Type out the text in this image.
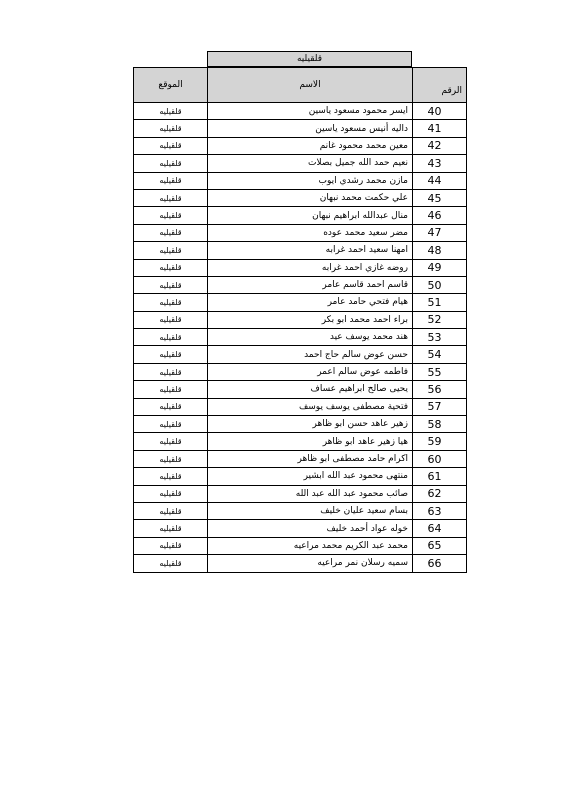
قلقيليه
الرقم	الاسم	الموقع
40	ايسر محمود مسعود ياسين	قلقيليه
41	داليه أنيس مسعود ياسين	قلقيليه
42	معين محمد محمود غانم	قلقيليه
43	نعيم حمد الله جميل بصلات	قلقيليه
44	مازن محمد رشدي ايوب	قلقيليه
45	علي حكمت محمد نبهان	قلقيليه
46	منال عبدالله ابراهيم نبهان	قلقيليه
47	مضر سعيد محمد عوده	قلقيليه
48	امهنا سعيد احمد غرابه	قلقيليه
49	روضه غازي احمد غرابه	قلقيليه
50	قاسم احمد قاسم عامر	قلقيليه
51	هيام فتحي حامد عامر	قلقيليه
52	براء احمد محمد ابو بكر	قلقيليه
53	هند محمد يوسف عيد	قلقيليه
54	حسن عوض سالم حاج احمد	قلقيليه
55	فاطمه عوض سالم اعمر	قلقيليه
56	يحيى صالح ابراهيم عساف	قلقيليه
57	فتحية مصطفى يوسف يوسف	قلقيليه
58	زهير عاهد حسن ابو ظاهر	قلقيليه
59	هيا زهير عاهد ابو ظاهر	قلقيليه
60	اكرام حامد مصطفى ابو ظاهر	قلقيليه
61	منتهى محمود عبد الله ابشير	قلقيليه
62	صائب محمود عبد الله عبد الله	قلقيليه
63	بسام سعيد عليان خليف	قلقيليه
64	خوله عواد أحمد خليف	قلقيليه
65	محمد عبد الكريم محمد مراعيه	قلقيليه
66	سميه رسلان نمر مراعيه	قلقيليه
